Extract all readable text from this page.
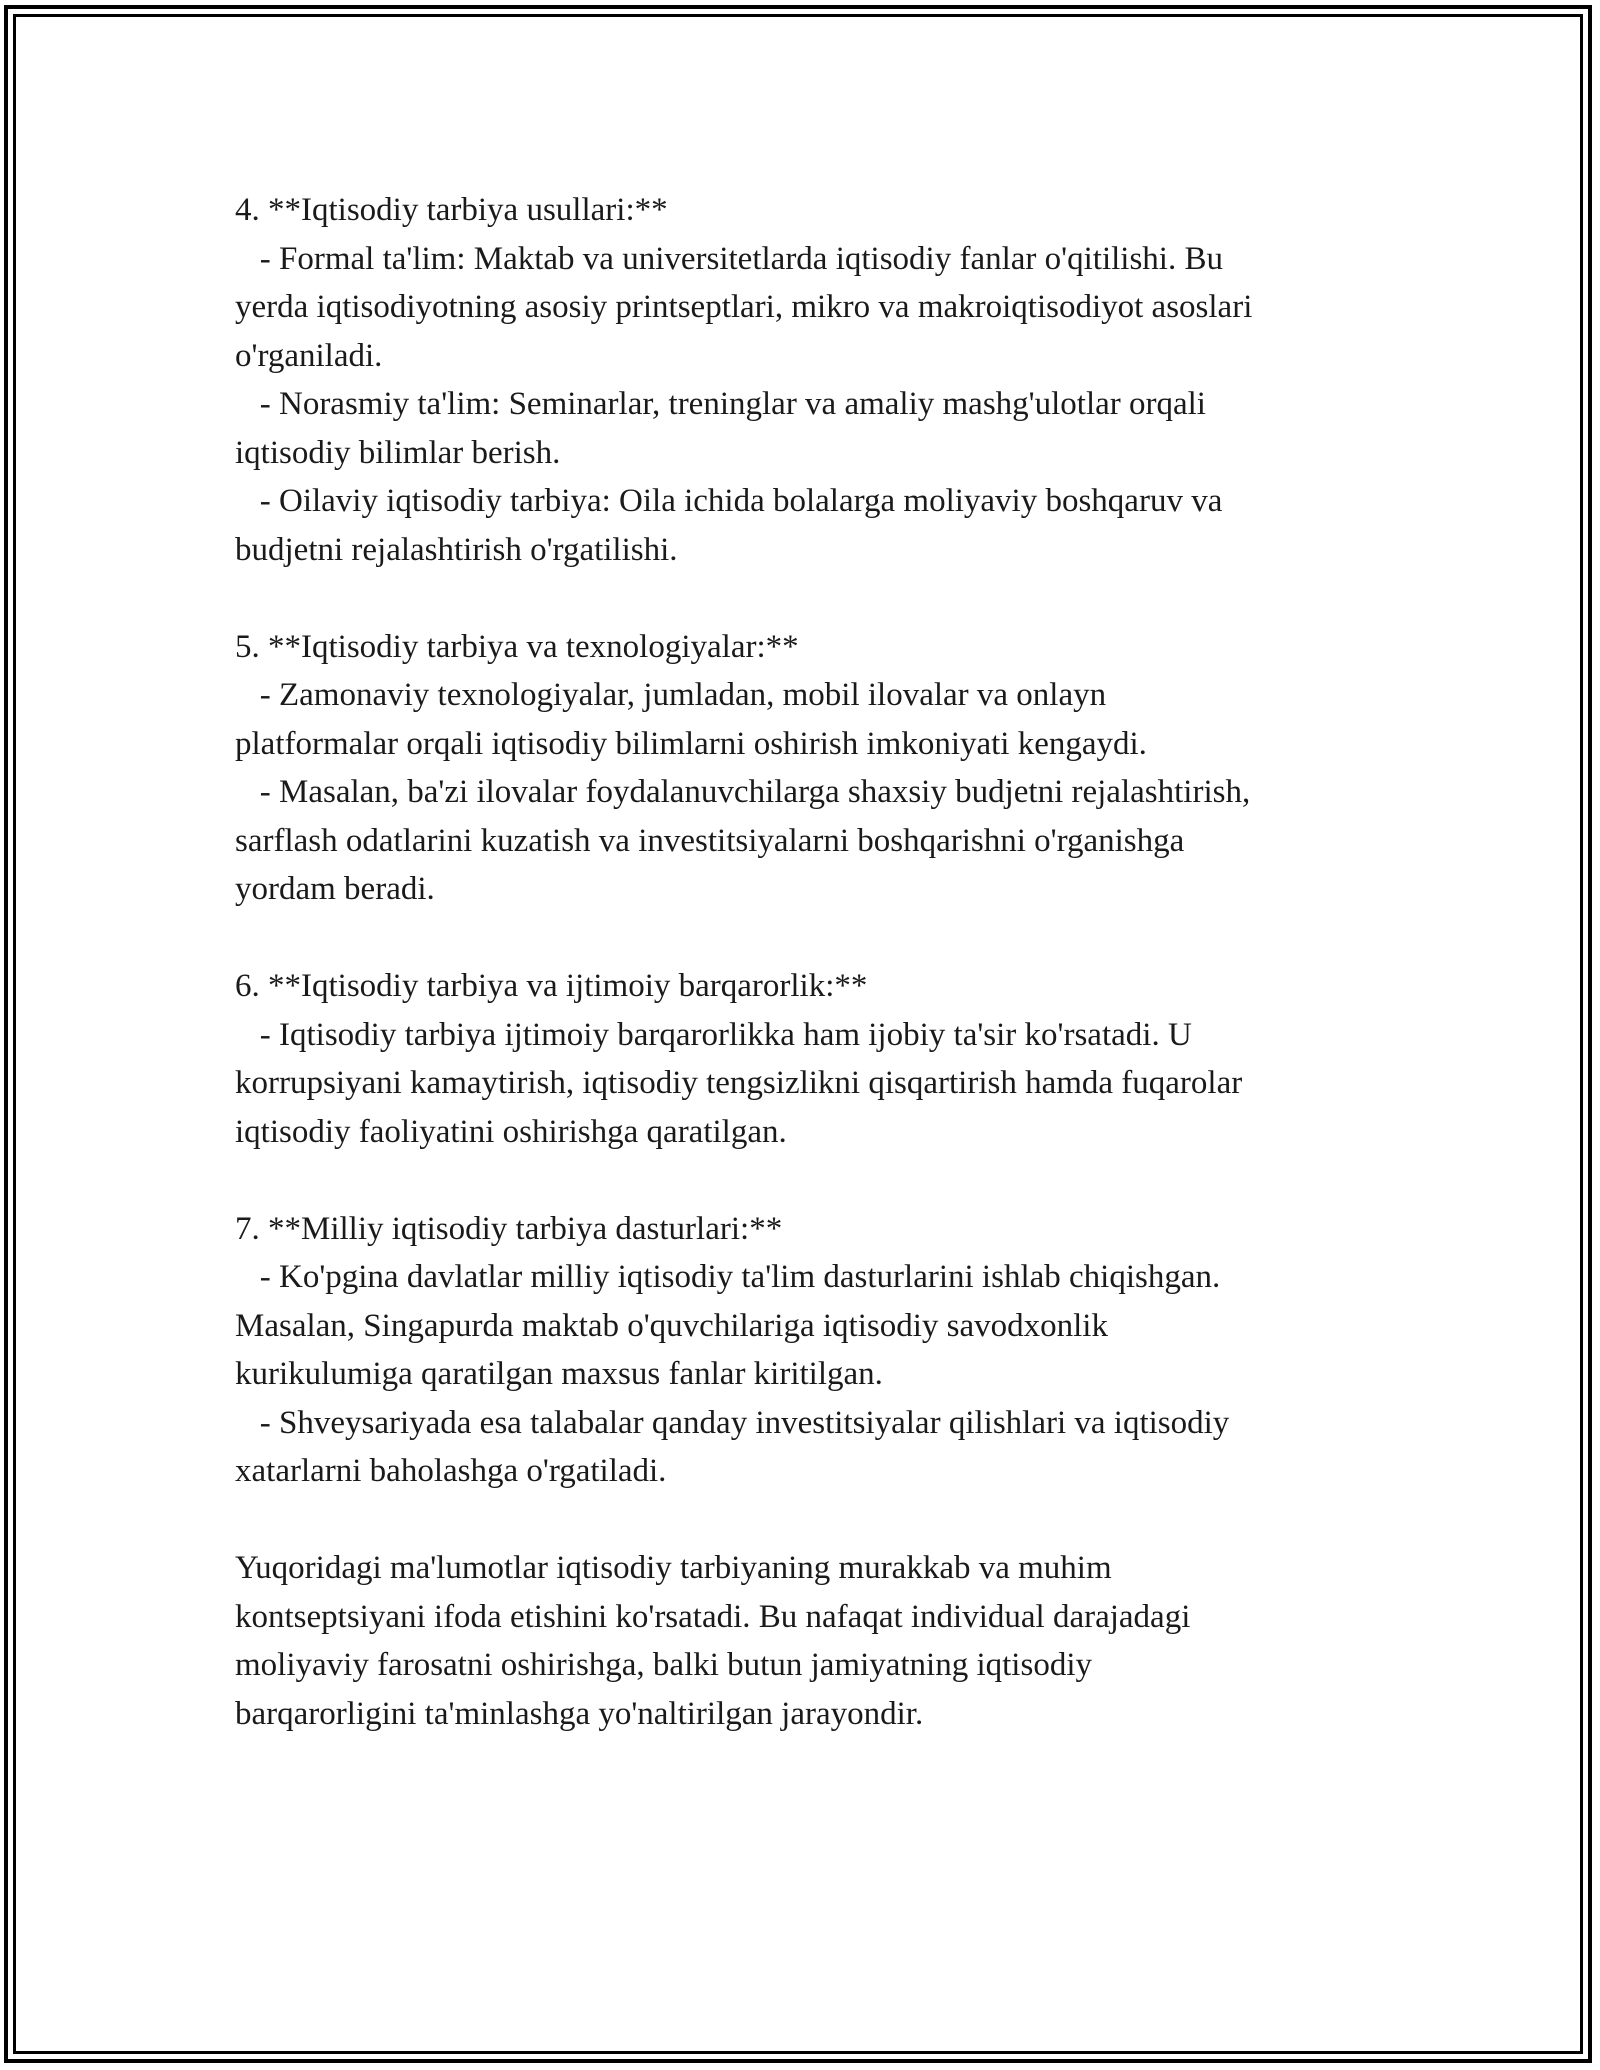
4. **Iqtisodiy tarbiya usullari:**
- Formal ta'lim: Maktab va universitetlarda iqtisodiy fanlar o'qitilishi. Bu
yerda iqtisodiyotning asosiy printseptlari, mikro va makroiqtisodiyot asoslari
o'rganiladi.
- Norasmiy ta'lim: Seminarlar, treninglar va amaliy mashg'ulotlar orqali
iqtisodiy bilimlar berish.
- Oilaviy iqtisodiy tarbiya: Oila ichida bolalarga moliyaviy boshqaruv va
budjetni rejalashtirish o'rgatilishi.
5. **Iqtisodiy tarbiya va texnologiyalar:**
- Zamonaviy texnologiyalar, jumladan, mobil ilovalar va onlayn
platformalar orqali iqtisodiy bilimlarni oshirish imkoniyati kengaydi.
- Masalan, ba'zi ilovalar foydalanuvchilarga shaxsiy budjetni rejalashtirish,
sarflash odatlarini kuzatish va investitsiyalarni boshqarishni o'rganishga
yordam beradi.
6. **Iqtisodiy tarbiya va ijtimoiy barqarorlik:**
- Iqtisodiy tarbiya ijtimoiy barqarorlikka ham ijobiy ta'sir ko'rsatadi. U
korrupsiyani kamaytirish, iqtisodiy tengsizlikni qisqartirish hamda fuqarolar
iqtisodiy faoliyatini oshirishga qaratilgan.
7. **Milliy iqtisodiy tarbiya dasturlari:**
- Ko'pgina davlatlar milliy iqtisodiy ta'lim dasturlarini ishlab chiqishgan.
Masalan, Singapurda maktab o'quvchilariga iqtisodiy savodxonlik
kurikulumiga qaratilgan maxsus fanlar kiritilgan.
- Shveysariyada esa talabalar qanday investitsiyalar qilishlari va iqtisodiy
xatarlarni baholashga o'rgatiladi.
Yuqoridagi ma'lumotlar iqtisodiy tarbiyaning murakkab va muhim
kontseptsiyani ifoda etishini ko'rsatadi. Bu nafaqat individual darajadagi
moliyaviy farosatni oshirishga, balki butun jamiyatning iqtisodiy
barqarorligini ta'minlashga yo'naltirilgan jarayondir.
